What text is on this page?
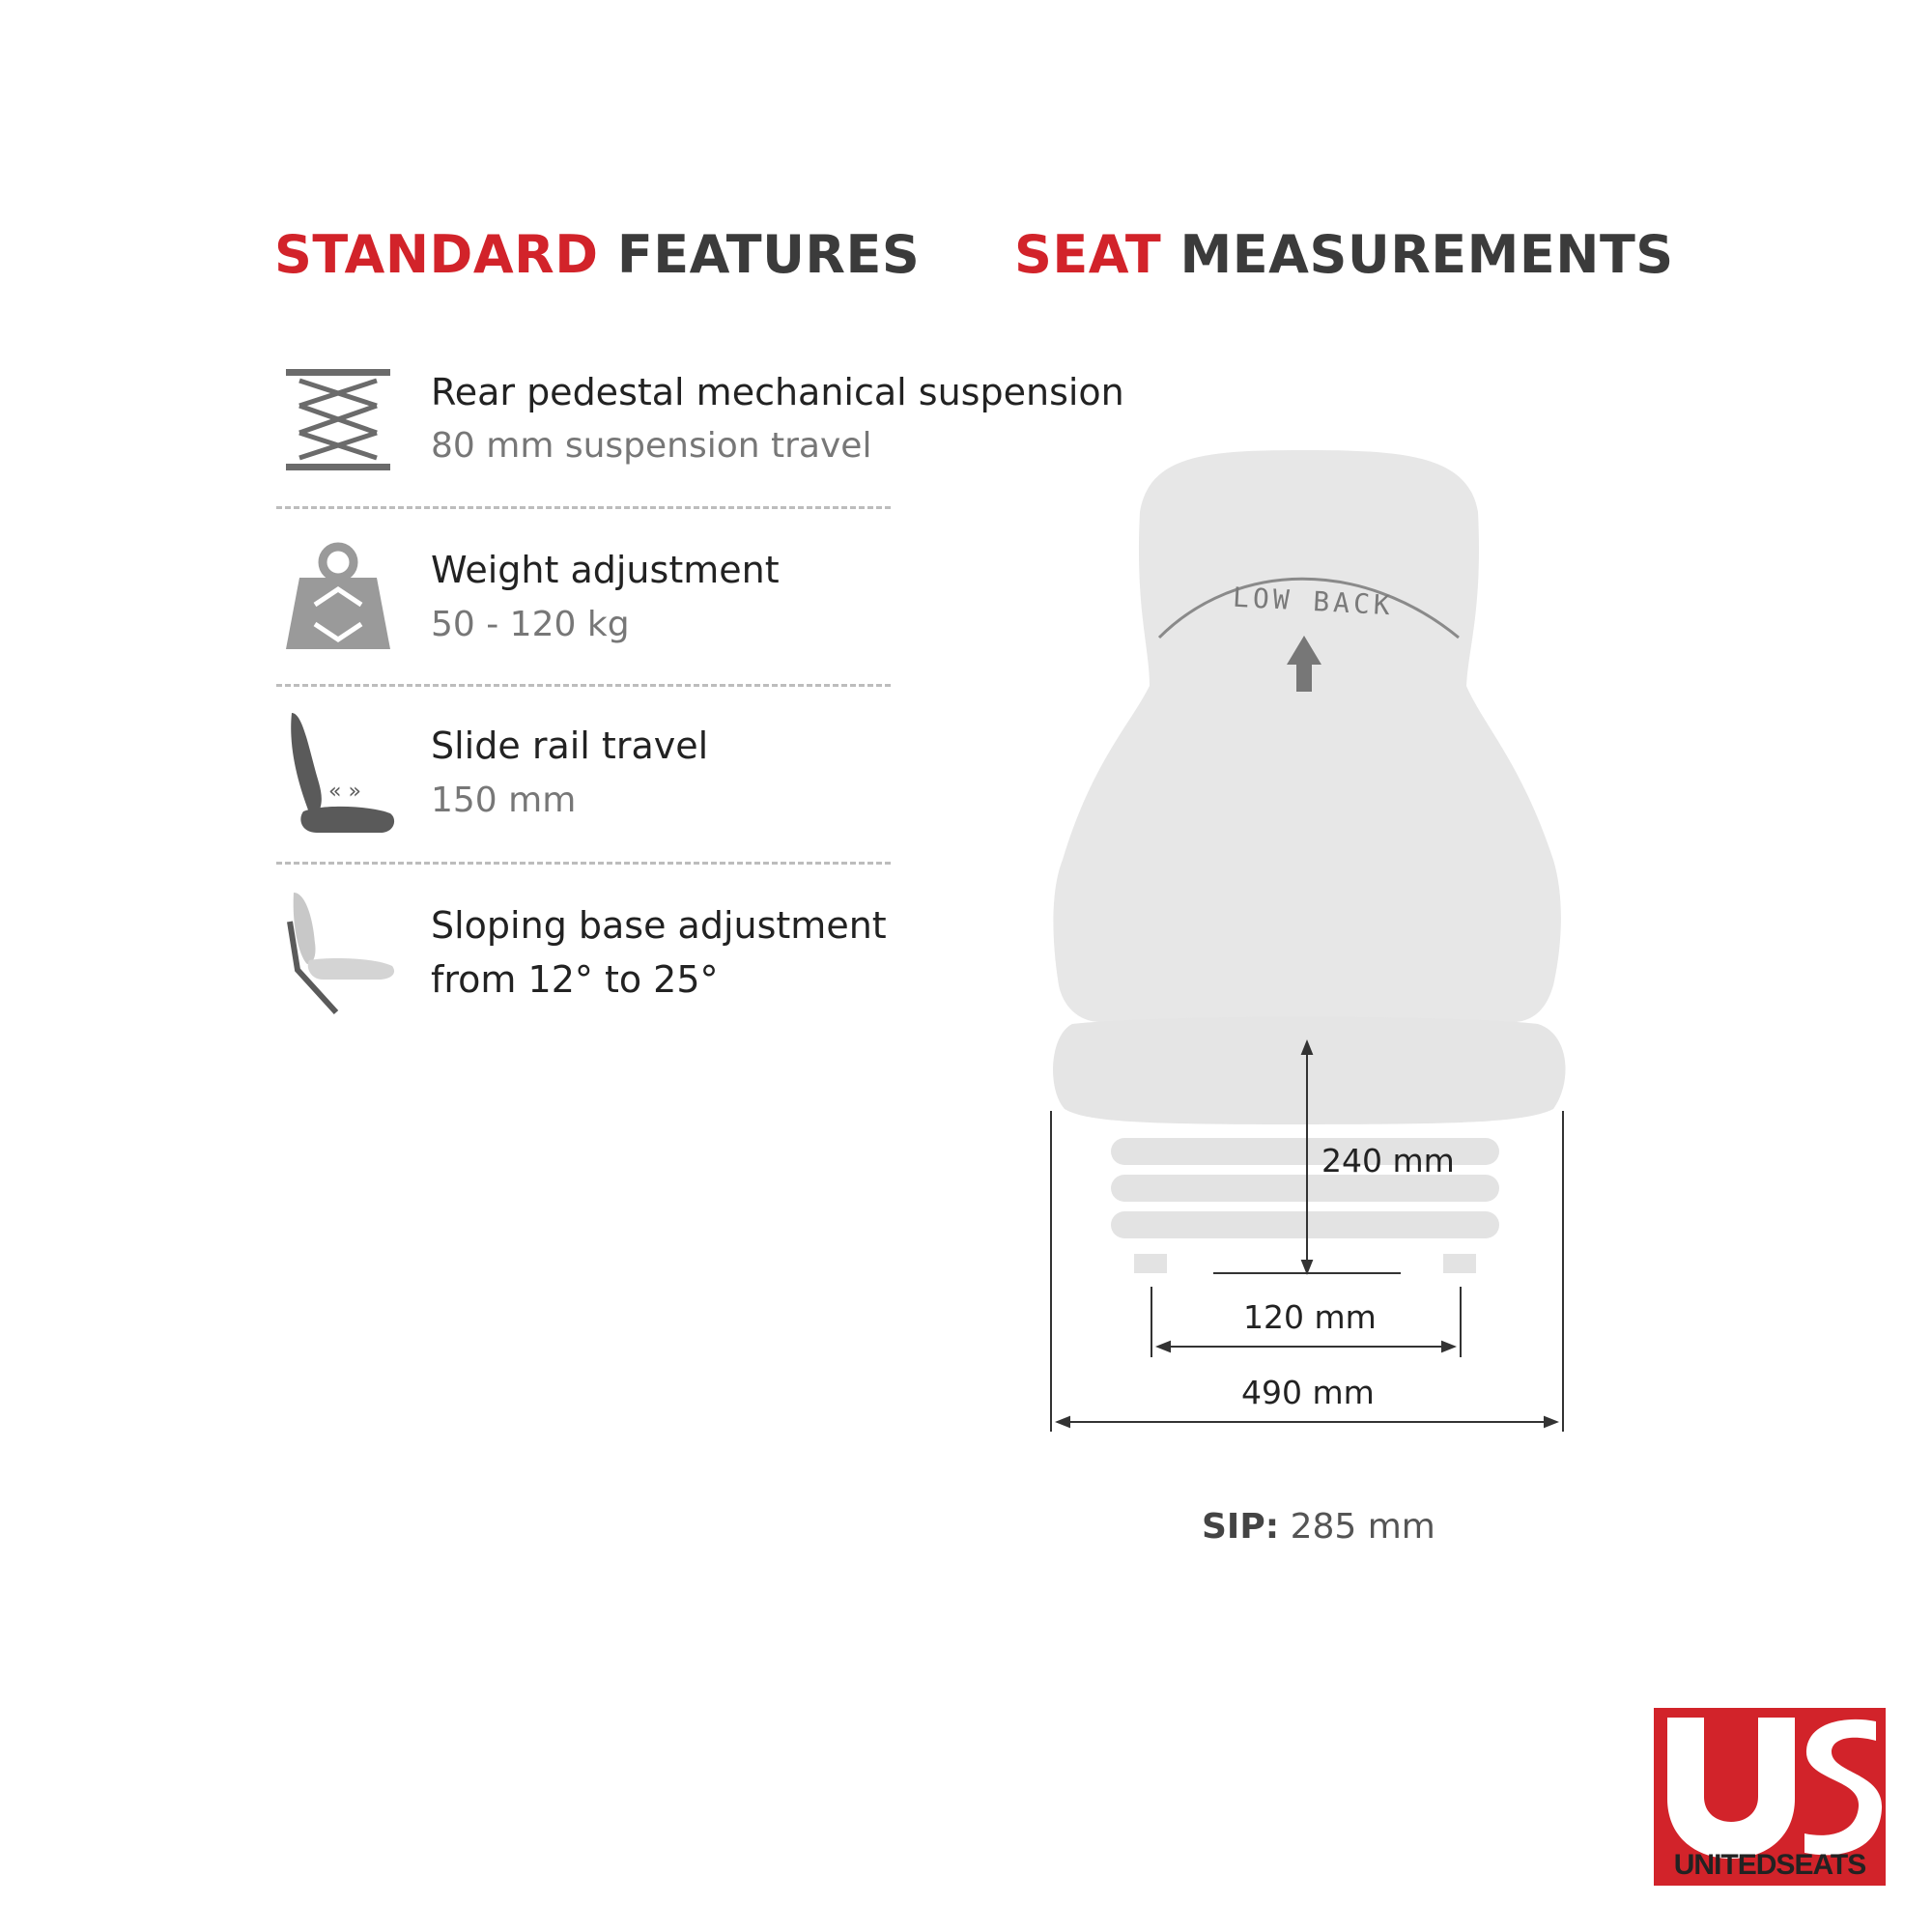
STANDARD FEATURES SEAT MEASUREMENTS
Rear pedestal mechanical suspension
80 mm suspension travel
Weight adjustment
50 - 120 kg
« »
Slide rail travel
150 mm
Sloping base adjustment
from 12° to 25°
LOW BACK
240 mm
120 mm
490 mm
SIP: 285 mm
UNITEDSEATS
